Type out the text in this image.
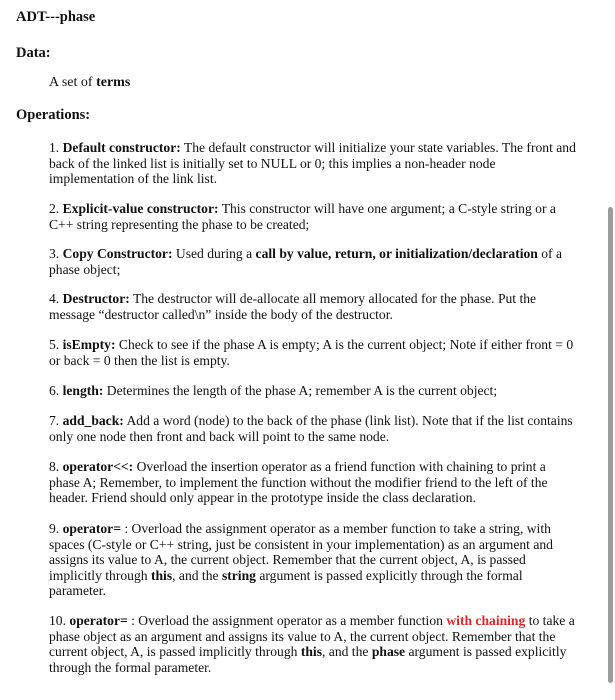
ADT---phase
Data:
A set of terms
Operations:

1. Default constructor: The default constructor will initialize your state variables. The front and back of the linked list is initially set to NULL or 0; this implies a non-header node implementation of the link list.

2. Explicit-value constructor: This constructor will have one argument; a C-style string or a C++ string representing the phase to be created;

3. Copy Constructor: Used during a call by value, return, or initialization/declaration of a phase object;

4. Destructor: The destructor will de-allocate all memory allocated for the phase. Put the message “destructor called\n” inside the body of the destructor.

5. isEmpty: Check to see if the phase A is empty; A is the current object; Note if either front = 0 or back = 0 then the list is empty.

6. length: Determines the length of the phase A; remember A is the current object;

7. add_back: Add a word (node) to the back of the phase (link list). Note that if the list contains only one node then front and back will point to the same node.

8. operator<<: Overload the insertion operator as a friend function with chaining to print a phase A; Remember, to implement the function without the modifier friend to the left of the header. Friend should only appear in the prototype inside the class declaration.

9. operator= : Overload the assignment operator as a member function to take a string, with spaces (C-style or C++ string, just be consistent in your implementation) as an argument and assigns its value to A, the current object. Remember that the current object, A, is passed implicitly through this, and the string argument is passed explicitly through the formal parameter.

10. operator= : Overload the assignment operator as a member function with chaining to take a phase object as an argument and assigns its value to A, the current object. Remember that the current object, A, is passed implicitly through this, and the phase argument is passed explicitly through the formal parameter.
